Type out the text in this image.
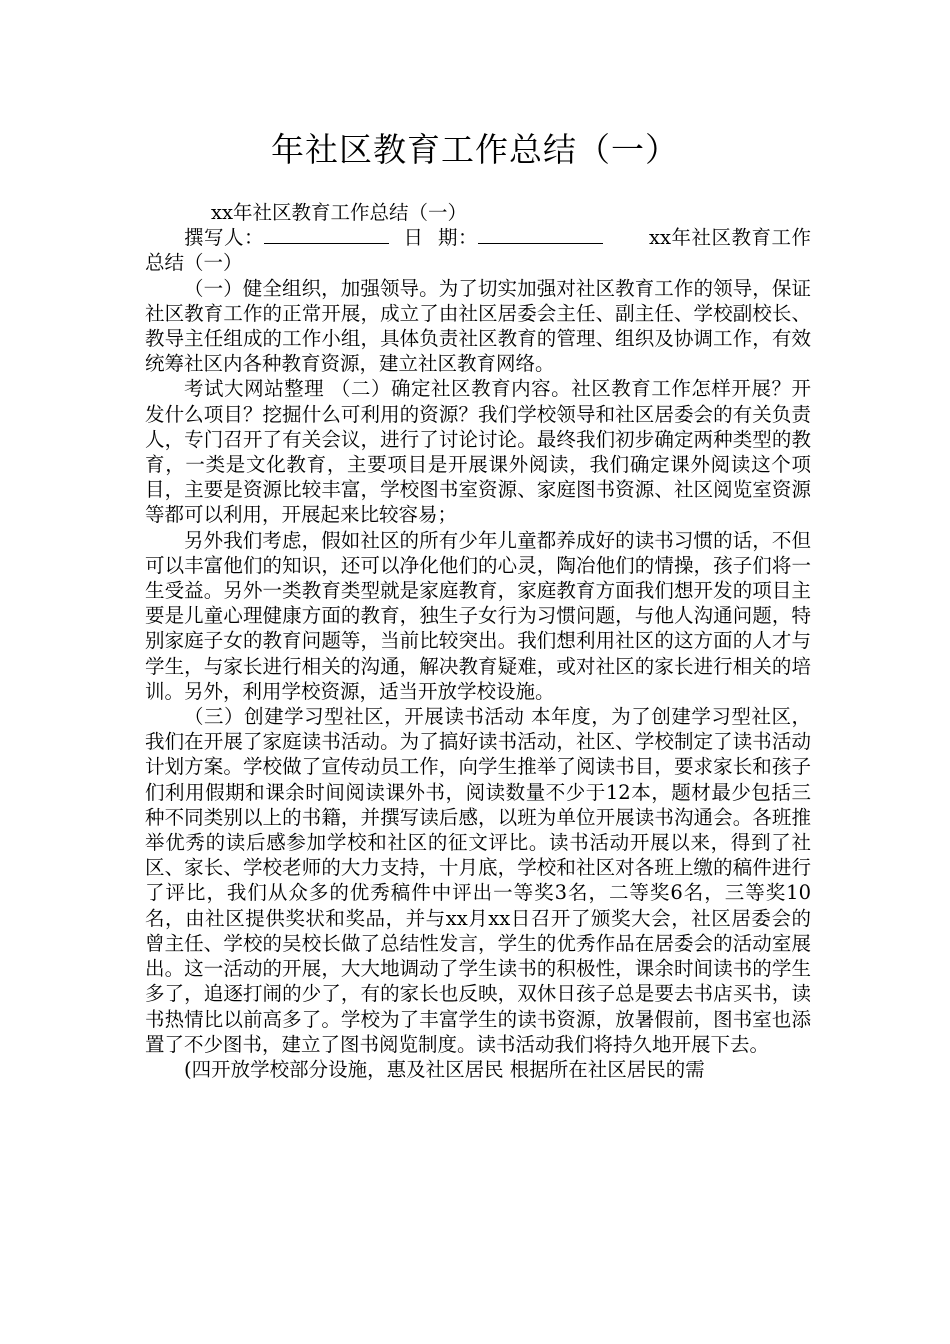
年社区教育工作总结（一）

xx年社区教育工作总结（一）

撰写人：	日 期：	xx年社区教育工作总结（一）

（一）健全组织，加强领导。为了切实加强对社区教育工作的领导，保证社区教育工作的正常开展，成立了由社区居委会主任、副主任、学校副校长、教导主任组成的工作小组，具体负责社区教育的管理、组织及协调工作，有效统筹社区内各种教育资源，建立社区教育网络。

考试大网站整理 （二）确定社区教育内容。社区教育工作怎样开展？开发什么项目？挖掘什么可利用的资源？我们学校领导和社区居委会的有关负责人，专门召开了有关会议，进行了讨论讨论。最终我们初步确定两种类型的教育，一类是文化教育，主要项目是开展课外阅读，我们确定课外阅读这个项目，主要是资源比较丰富，学校图书室资源、家庭图书资源、社区阅览室资源等都可以利用，开展起来比较容易；

另外我们考虑，假如社区的所有少年儿童都养成好的读书习惯的话，不但可以丰富他们的知识，还可以净化他们的心灵，陶冶他们的情操，孩子们将一生受益。另外一类教育类型就是家庭教育，家庭教育方面我们想开发的项目主要是儿童心理健康方面的教育，独生子女行为习惯问题，与他人沟通问题，特别家庭子女的教育问题等，当前比较突出。我们想利用社区的这方面的人才与学生，与家长进行相关的沟通，解决教育疑难，或对社区的家长进行相关的培训。另外，利用学校资源，适当开放学校设施。

（三）创建学习型社区，开展读书活动 本年度，为了创建学习型社区，我们在开展了家庭读书活动。为了搞好读书活动，社区、学校制定了读书活动计划方案。学校做了宣传动员工作，向学生推举了阅读书目，要求家长和孩子们利用假期和课余时间阅读课外书，阅读数量不少于12本，题材最少包括三种不同类别以上的书籍，并撰写读后感，以班为单位开展读书沟通会。各班推举优秀的读后感参加学校和社区的征文评比。读书活动开展以来，得到了社区、家长、学校老师的大力支持，十月底，学校和社区对各班上缴的稿件进行了评比，我们从众多的优秀稿件中评出一等奖3名，二等奖6名，三等奖10名，由社区提供奖状和奖品，并与xx月xx日召开了颁奖大会，社区居委会的曾主任、学校的吴校长做了总结性发言，学生的优秀作品在居委会的活动室展出。这一活动的开展，大大地调动了学生读书的积极性，课余时间读书的学生多了，追逐打闹的少了，有的家长也反映，双休日孩子总是要去书店买书，读书热情比以前高多了。学校为了丰富学生的读书资源，放暑假前，图书室也添置了不少图书，建立了图书阅览制度。读书活动我们将持久地开展下去。

(四开放学校部分设施，惠及社区居民 根据所在社区居民的需
